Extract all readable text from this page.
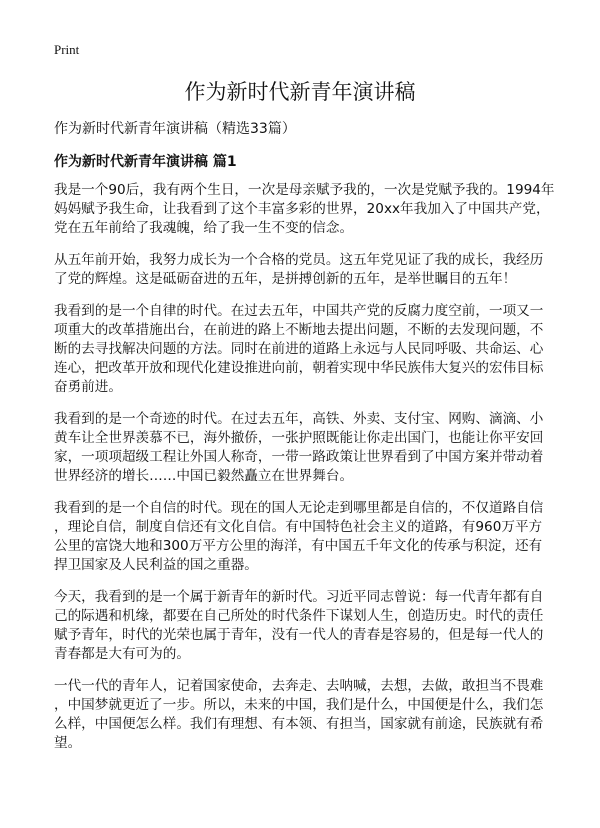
Print
作为新时代新青年演讲稿
作为新时代新青年演讲稿（精选33篇）
作为新时代新青年演讲稿 篇1
我是一个90后，我有两个生日，一次是母亲赋予我的，一次是党赋予我的。1994年
妈妈赋予我生命，让我看到了这个丰富多彩的世界，20xx年我加入了中国共产党，
党在五年前给了我魂魄，给了我一生不变的信念。
从五年前开始，我努力成长为一个合格的党员。这五年党见证了我的成长，我经历
了党的辉煌。这是砥砺奋进的五年，是拼搏创新的五年，是举世瞩目的五年！
我看到的是一个自律的时代。在过去五年，中国共产党的反腐力度空前，一项又一
项重大的改革措施出台，在前进的路上不断地去提出问题，不断的去发现问题，不
断的去寻找解决问题的方法。同时在前进的道路上永远与人民同呼吸、共命运、心
连心，把改革开放和现代化建设推进向前，朝着实现中华民族伟大复兴的宏伟目标
奋勇前进。
我看到的是一个奇迹的时代。在过去五年，高铁、外卖、支付宝、网购、滴滴、小
黄车让全世界羡慕不已，海外撤侨，一张护照既能让你走出国门，也能让你平安回
家，一项项超级工程让外国人称奇，一带一路政策让世界看到了中国方案并带动着
世界经济的增长……中国已毅然矗立在世界舞台。
我看到的是一个自信的时代。现在的国人无论走到哪里都是自信的，不仅道路自信
，理论自信，制度自信还有文化自信。有中国特色社会主义的道路，有960万平方
公里的富饶大地和300万平方公里的海洋，有中国五千年文化的传承与积淀，还有
捍卫国家及人民利益的国之重器。
今天，我看到的是一个属于新青年的新时代。习近平同志曾说：每一代青年都有自
己的际遇和机缘，都要在自己所处的时代条件下谋划人生，创造历史。时代的责任
赋予青年，时代的光荣也属于青年，没有一代人的青春是容易的，但是每一代人的
青春都是大有可为的。
一代一代的青年人，记着国家使命，去奔走、去呐喊，去想，去做，敢担当不畏难
，中国梦就更近了一步。所以，未来的中国，我们是什么，中国便是什么，我们怎
么样，中国便怎么样。我们有理想、有本领、有担当，国家就有前途，民族就有希
望。
